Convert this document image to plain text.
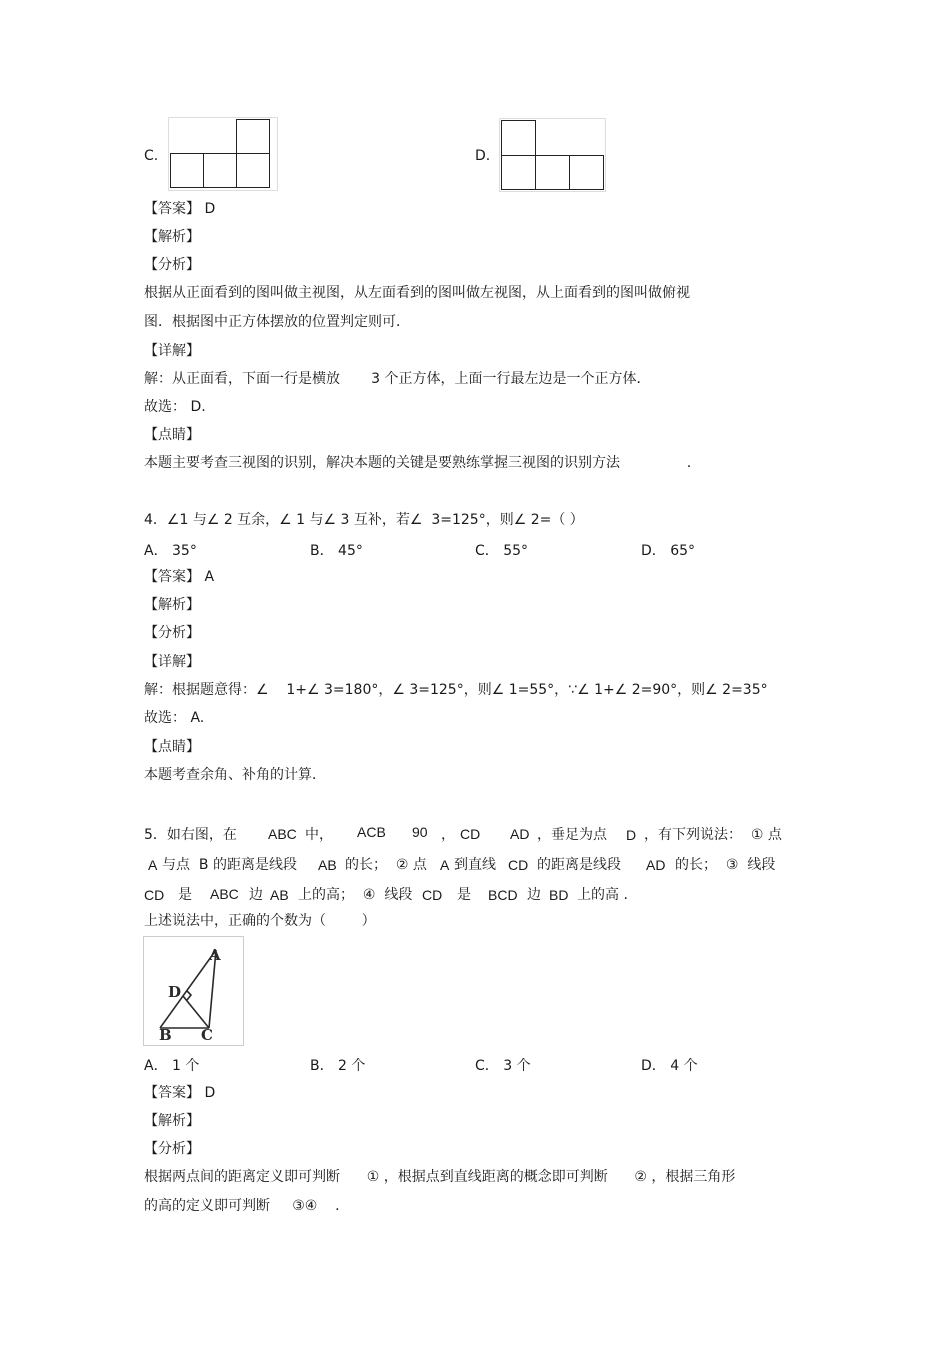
C.	D.
【答案】 D
【解析】
【分析】
根据从正面看到的图叫做主视图，从左面看到的图叫做左视图，从上面看到的图叫做俯视
图．根据图中正方体摆放的位置判定则可．
【详解】
解：从正面看，下面一行是横放       3 个正方体，上面一行最左边是一个正方体．
故选： D.
【点睛】
本题主要考查三视图的识别，解决本题的关键是要熟练掌握三视图的识别方法               .
4．∠1 与∠ 2 互余，∠ 1 与∠ 3 互补，若∠  3=125°，则∠ 2=（ ）
A． 35°	B． 45°	C． 55°	D． 65°
【答案】 A
【解析】
【分析】
【详解】
解：根据题意得：∠    1+∠ 3=180°，∠ 3=125°，则∠ 1=55°，∵∠ 1+∠ 2=90°，则∠ 2=35°
故选： A.
【点睛】
本题考查余角、补角的计算．
5．如右图，在 ABC 中， ACB 90 ， CD AD ，垂足为点 D ，有下列说法：  ① 点
A 与点  B 的距离是线段 AB 的长；  ② 点 A 到直线 CD 的距离是线段 AD 的长；  ③  线段
CD 是 ABC 边 AB 上的高；  ④  线段 CD 是 BCD 边 BD 上的高 .
上述说法中，正确的个数为（        ）
A
B C
D
A． 1 个	B． 2 个	C． 3 个	D． 4 个
【答案】 D
【解析】
【分析】
根据两点间的距离定义即可判断      ① ，根据点到直线距离的概念即可判断      ② ，根据三角形
的高的定义即可判断     ③④    .
